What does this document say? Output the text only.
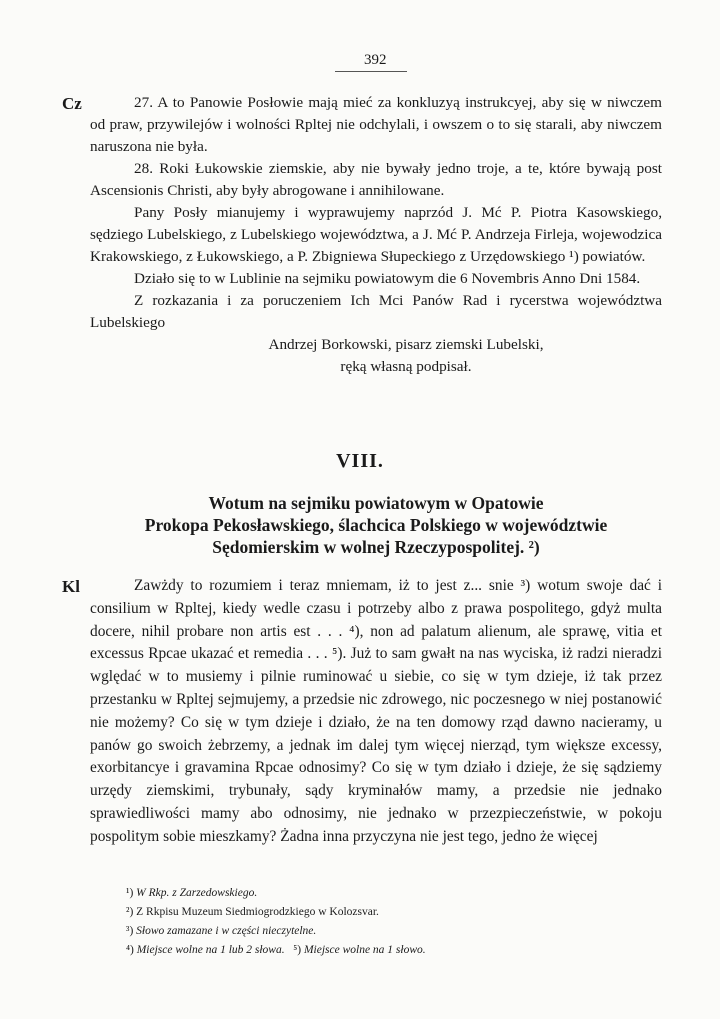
392
Cz	27. A to Panowie Posłowie mają mieć za konkluzyą instrukcyej, aby się w niwczem od praw, przywilejów i wolności Rpltej nie odchylali, i owszem o to się starali, aby niwczem naruszona nie była.

28. Roki Łukowskie ziemskie, aby nie bywały jedno troje, a te, które bywają post Ascensionis Christi, aby były abrogowane i annihilowane.

Pany Posły mianujemy i wyprawujemy naprzód J. Mć P. Piotra Kasowskiego, sędziego Lubelskiego, z Lubelskiego województwa, a J. Mć P. Andrzeja Firleja, wojewodzica Krakowskiego, z Łukowskiego, a P. Zbigniewa Słupeckiego z Urzędowskiego ¹) powiatów.

Działo się to w Lublinie na sejmiku powiatowym die 6 Novembris Anno Dni 1584.

Z rozkazania i za poruczeniem Ich Mci Panów Rad i rycerstwa województwa Lubelskiego

Andrzej Borkowski, pisarz ziemski Lubelski,

ręką własną podpisał.

VIII.
Wotum na sejmiku powiatowym w Opatowie
Prokopa Pekosławskiego, ślachcica Polskiego w województwie
Sędomierskim w wolnej Rzeczypospolitej. ²)
Kl	Zawżdy to rozumiem i teraz mniemam, iż to jest z... snie ³) wotum swoje dać i consilium w Rpltej, kiedy wedle czasu i potrzeby albo z prawa pospolitego, gdyż multa docere, nihil probare non artis est . . . ⁴), non ad palatum alienum, ale sprawę, vitia et excessus Rpcae ukazać et remedia . . . ⁵). Już to sam gwałt na nas wyciska, iż radzi nieradzi wględać w to musiemy i pilnie ruminować u siebie, co się w tym dzieje, iż tak przez przestanku w Rpltej sejmujemy, a przedsie nic zdrowego, nic poczesnego w niej postanowić nie możemy? Co się w tym dzieje i działo, że na ten domowy rząd dawno nacieramy, u panów go swoich żebrzemy, a jednak im dalej tym więcej nierząd, tym większe excessy, exorbitancye i gravamina Rpcae odnosimy? Co się w tym działo i dzieje, że się sądziemy urzędy ziemskimi, trybunały, sądy kryminałów mamy, a przedsie nie jednako sprawiedliwości mamy abo odnosimy, nie jednako w przezpieczeństwie, w pokoju pospolitym sobie mieszkamy? Żadna inna przyczyna nie jest tego, jedno że więcej

¹) W Rkp. z Zarzedowskiego.
²) Z Rkpisu Muzeum Siedmiogrodzkiego w Kolozsvar.
³) Słowo zamazane i w części nieczytelne.
⁴) Miejsce wolne na 1 lub 2 słowa. ⁵) Miejsce wolne na 1 słowo.
